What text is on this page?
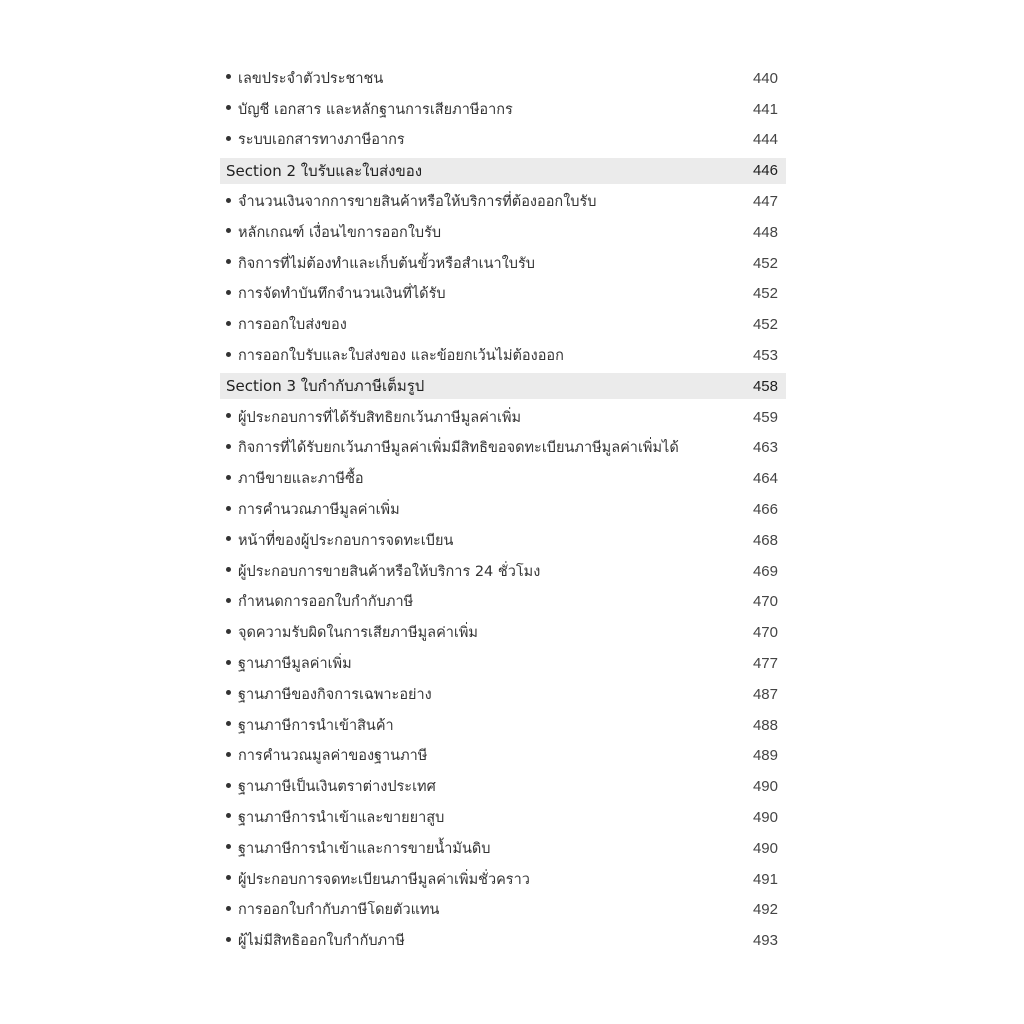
เลขประจำตัวประชาชน	440
บัญชี เอกสาร และหลักฐานการเสียภาษีอากร	441
ระบบเอกสารทางภาษีอากร	444
Section 2 ใบรับและใบส่งของ	446
จำนวนเงินจากการขายสินค้าหรือให้บริการที่ต้องออกใบรับ	447
หลักเกณฑ์ เงื่อนไขการออกใบรับ	448
กิจการที่ไม่ต้องทำและเก็บต้นขั้วหรือสำเนาใบรับ	452
การจัดทำบันทึกจำนวนเงินที่ได้รับ	452
การออกใบส่งของ	452
การออกใบรับและใบส่งของ และข้อยกเว้นไม่ต้องออก	453
Section 3 ใบกำกับภาษีเต็มรูป	458
ผู้ประกอบการที่ได้รับสิทธิยกเว้นภาษีมูลค่าเพิ่ม	459
กิจการที่ได้รับยกเว้นภาษีมูลค่าเพิ่มมีสิทธิขอจดทะเบียนภาษีมูลค่าเพิ่มได้	463
ภาษีขายและภาษีซื้อ	464
การคำนวณภาษีมูลค่าเพิ่ม	466
หน้าที่ของผู้ประกอบการจดทะเบียน	468
ผู้ประกอบการขายสินค้าหรือให้บริการ 24 ชั่วโมง	469
กำหนดการออกใบกำกับภาษี	470
จุดความรับผิดในการเสียภาษีมูลค่าเพิ่ม	470
ฐานภาษีมูลค่าเพิ่ม	477
ฐานภาษีของกิจการเฉพาะอย่าง	487
ฐานภาษีการนำเข้าสินค้า	488
การคำนวณมูลค่าของฐานภาษี	489
ฐานภาษีเป็นเงินตราต่างประเทศ	490
ฐานภาษีการนำเข้าและขายยาสูบ	490
ฐานภาษีการนำเข้าและการขายน้ำมันดิบ	490
ผู้ประกอบการจดทะเบียนภาษีมูลค่าเพิ่มชั่วคราว	491
การออกใบกำกับภาษีโดยตัวแทน	492
ผู้ไม่มีสิทธิออกใบกำกับภาษี	493
